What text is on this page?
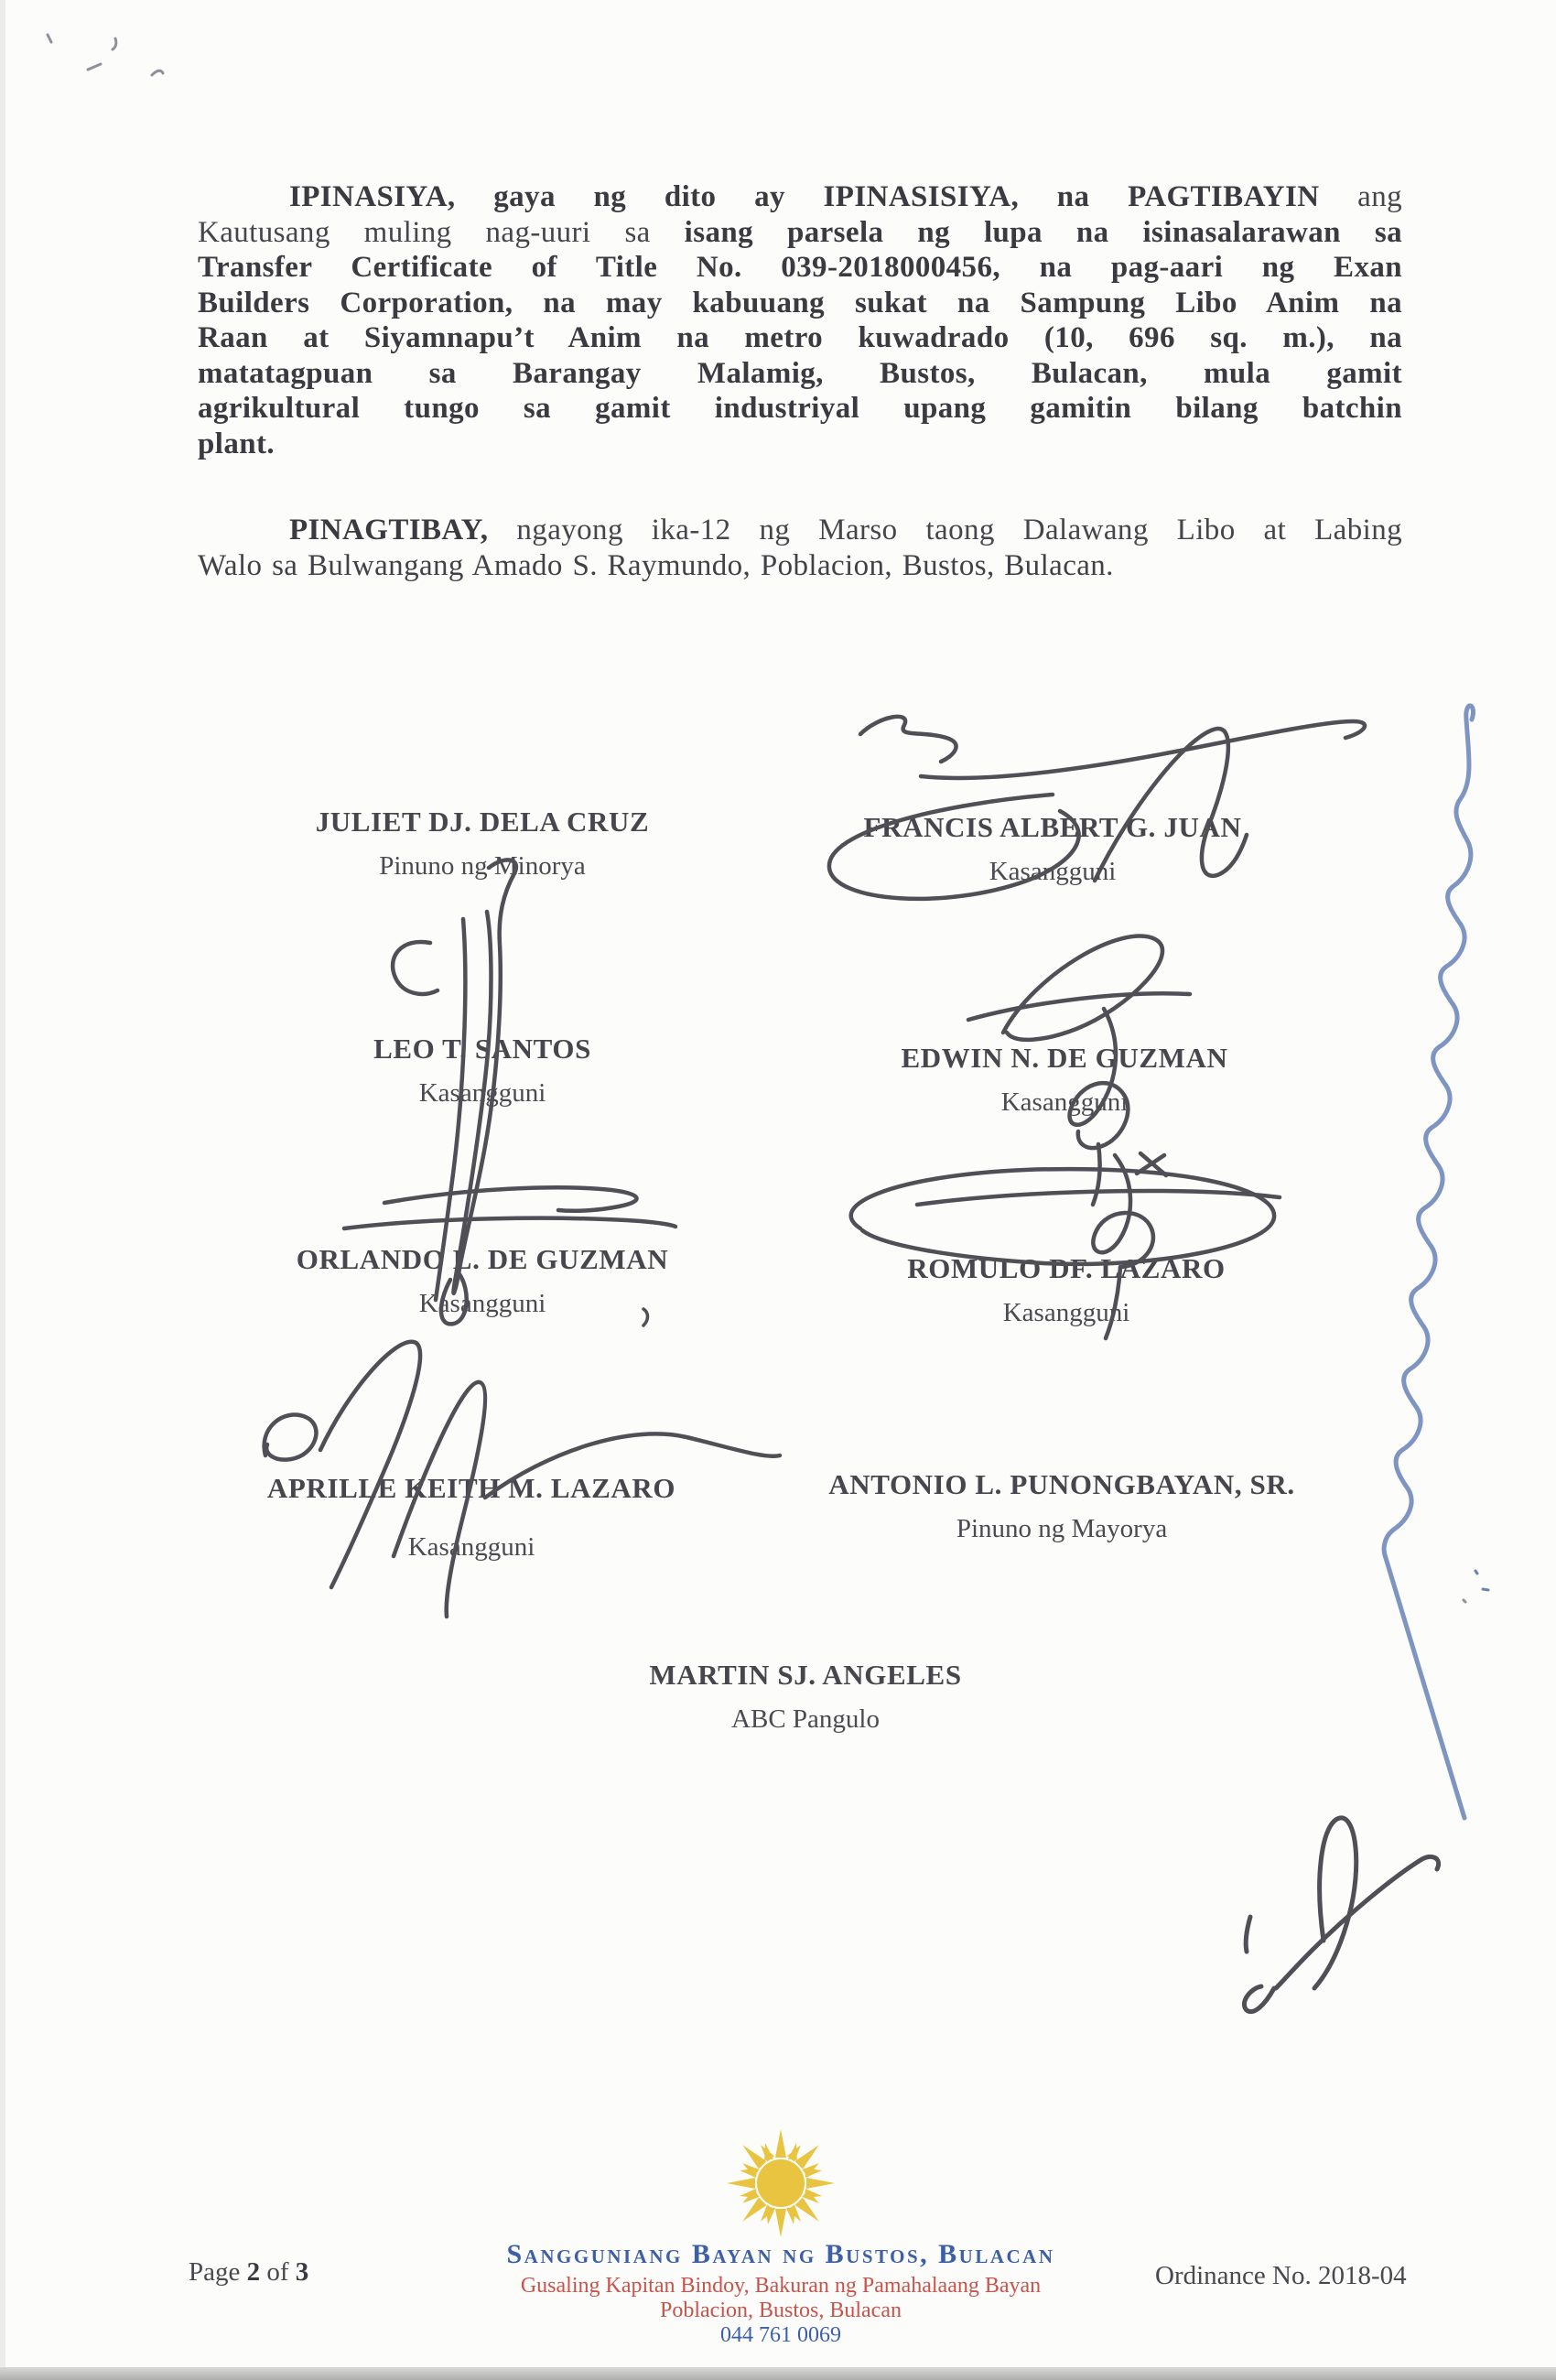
IPINASIYA, gaya ng dito ay IPINASISIYA, na PAGTIBAYIN ang
Kautusang muling nag-uuri sa isang parsela ng lupa na isinasalarawan sa
Transfer Certificate of Title No. 039-2018000456, na pag-aari ng Exan
Builders Corporation, na may kabuuang sukat na Sampung Libo Anim na
Raan at Siyamnapu’t Anim na metro kuwadrado (10, 696 sq. m.), na
matatagpuan sa Barangay Malamig, Bustos, Bulacan, mula gamit
agrikultural tungo sa gamit industriyal upang gamitin bilang batchin
plant.
PINAGTIBAY, ngayong ika-12 ng Marso taong Dalawang Libo at Labing
Walo sa Bulwangang Amado S. Raymundo, Poblacion, Bustos, Bulacan.
JULIET DJ. DELA CRUZ
Pinuno ng Minorya
FRANCIS ALBERT G. JUAN
Kasangguni
LEO T. SANTOS
Kasangguni
EDWIN N. DE GUZMAN
Kasangguni
ORLANDO L. DE GUZMAN
Kasangguni
ROMULO DF. LAZARO
Kasangguni
APRILLE KEITH M. LAZARO
Kasangguni
ANTONIO L. PUNONGBAYAN, SR.
Pinuno ng Mayorya
MARTIN SJ. ANGELES
ABC Pangulo
Sangguniang Bayan ng Bustos, Bulacan
Gusaling Kapitan Bindoy, Bakuran ng Pamahalaang Bayan
Poblacion, Bustos, Bulacan
044 761 0069
Page 2 of 3	Ordinance No. 2018-04
